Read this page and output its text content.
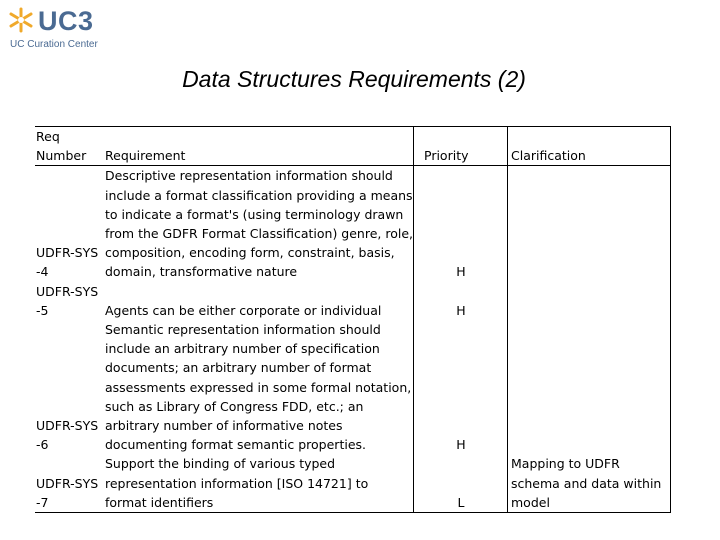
UC3
UC Curation Center
Data Structures Requirements (2)
Req Number	Requirement	Priority	Clarification
UDFR-SYS -4	Descriptive representation information should include a format classification providing a means to indicate a format's (using terminology drawn from the GDFR Format Classification) genre, role, composition, encoding form, constraint, basis, domain, transformative nature	H	
UDFR-SYS -5	Agents can be either corporate or individual	H	
UDFR-SYS -6	Semantic representation information should include an arbitrary number of specification documents; an arbitrary number of format assessments expressed in some formal notation, such as Library of Congress FDD, etc.; an arbitrary number of informative notes documenting format semantic properties.	H	
UDFR-SYS -7	Support the binding of various typed representation information [ISO 14721] to format identifiers	L	Mapping to UDFR schema and data within model
